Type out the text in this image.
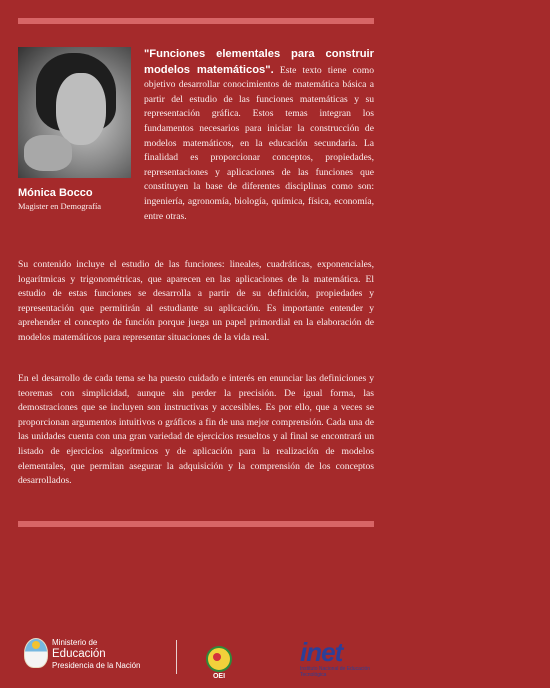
Mónica Bocco
Magister en Demografía

"Funciones elementales para construir modelos matemáticos". Este texto tiene como objetivo desarrollar conocimientos de matemática básica a partir del estudio de las funciones matemáticas y su representación gráfica. Estos temas integran los fundamentos necesarios para iniciar la construcción de modelos matemáticos, en la educación secundaria. La finalidad es proporcionar conceptos, propiedades, representaciones y aplicaciones de las funciones que constituyen la base de diferentes disciplinas como son: ingeniería, agronomía, biología, química, física, economía, entre otras.

Su contenido incluye el estudio de las funciones: lineales, cuadráticas, exponenciales, logarítmicas y trigonométricas, que aparecen en las aplicaciones de la matemática. El estudio de estas funciones se desarrolla a partir de su definición, propiedades y representación que permitirán al estudiante su aplicación. Es importante entender y aprehender el concepto de función porque juega un papel primordial en la elaboración de modelos matemáticos para representar situaciones de la vida real.

En el desarrollo de cada tema se ha puesto cuidado e interés en enunciar las definiciones y teoremas con simplicidad, aunque sin perder la precisión. De igual forma, las demostraciones que se incluyen son instructivas y accesibles. Es por ello, que a veces se proporcionan argumentos intuitivos o gráficos a fin de una mejor comprensión. Cada una de las unidades cuenta con una gran variedad de ejercicios resueltos y al final se encontrará un listado de ejercicios algorítmicos y de aplicación para la realización de modelos elementales, que permitan asegurar la adquisición y la comprensión de los conceptos desarrollados.

Ministerio de
Educación
Presidencia de la Nación
OEI
inet
Instituto Nacional de Educación Tecnológica
